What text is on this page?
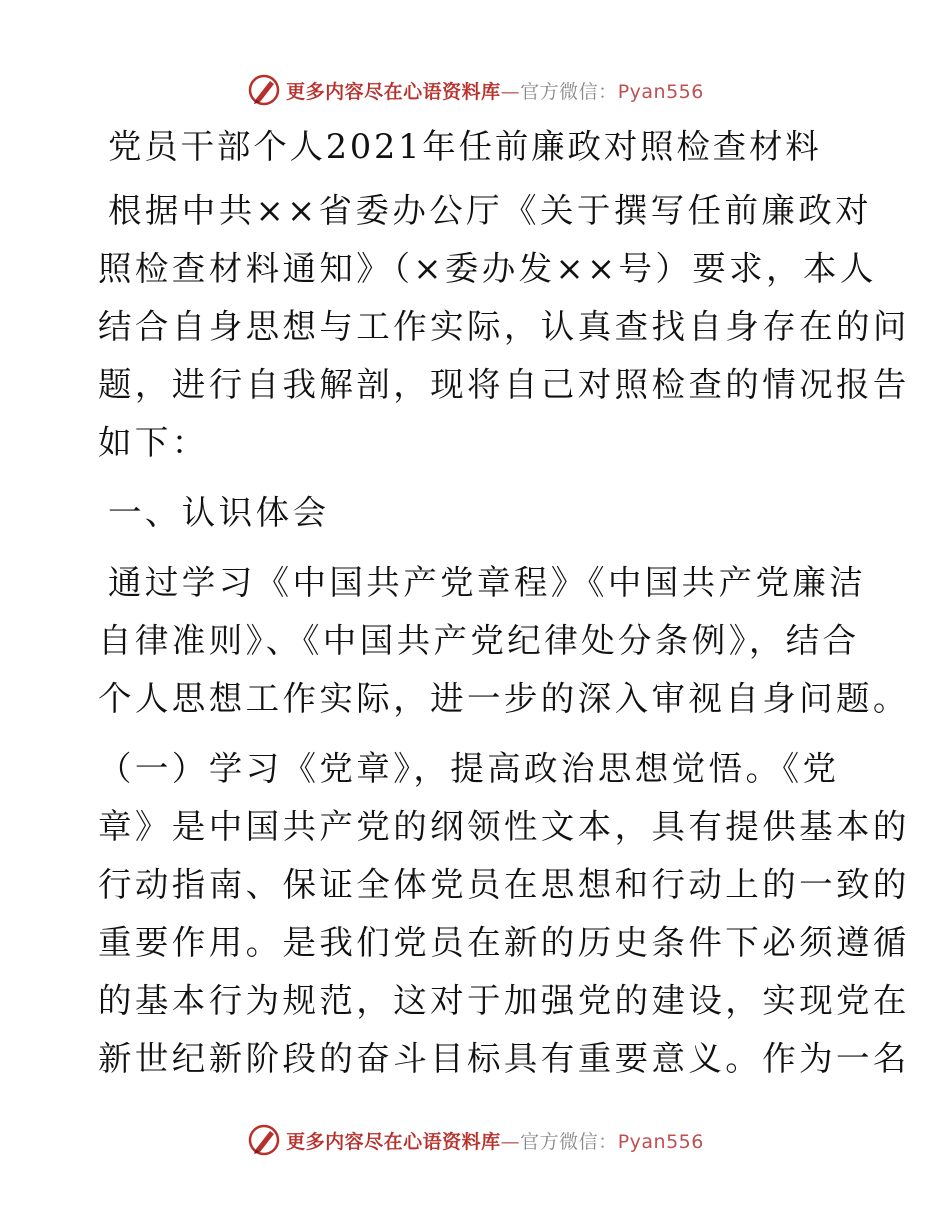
更多内容尽在心语资料库—官方微信：Pyan556
党员干部个人2021年任前廉政对照检查材料
根据中共××省委办公厅《关于撰写任前廉政对
照检查材料通知》（×委办发××号）要求，本人
结合自身思想与工作实际，认真查找自身存在的问
题，进行自我解剖，现将自己对照检查的情况报告
如下：
一、认识体会
通过学习《中国共产党章程》《中国共产党廉洁
自律准则》、《中国共产党纪律处分条例》，结合
个人思想工作实际，进一步的深入审视自身问题。
（一）学习《党章》，提高政治思想觉悟。《党
章》是中国共产党的纲领性文本，具有提供基本的
行动指南、保证全体党员在思想和行动上的一致的
重要作用。是我们党员在新的历史条件下必须遵循
的基本行为规范，这对于加强党的建设，实现党在
新世纪新阶段的奋斗目标具有重要意义。作为一名
更多内容尽在心语资料库—官方微信：Pyan556
